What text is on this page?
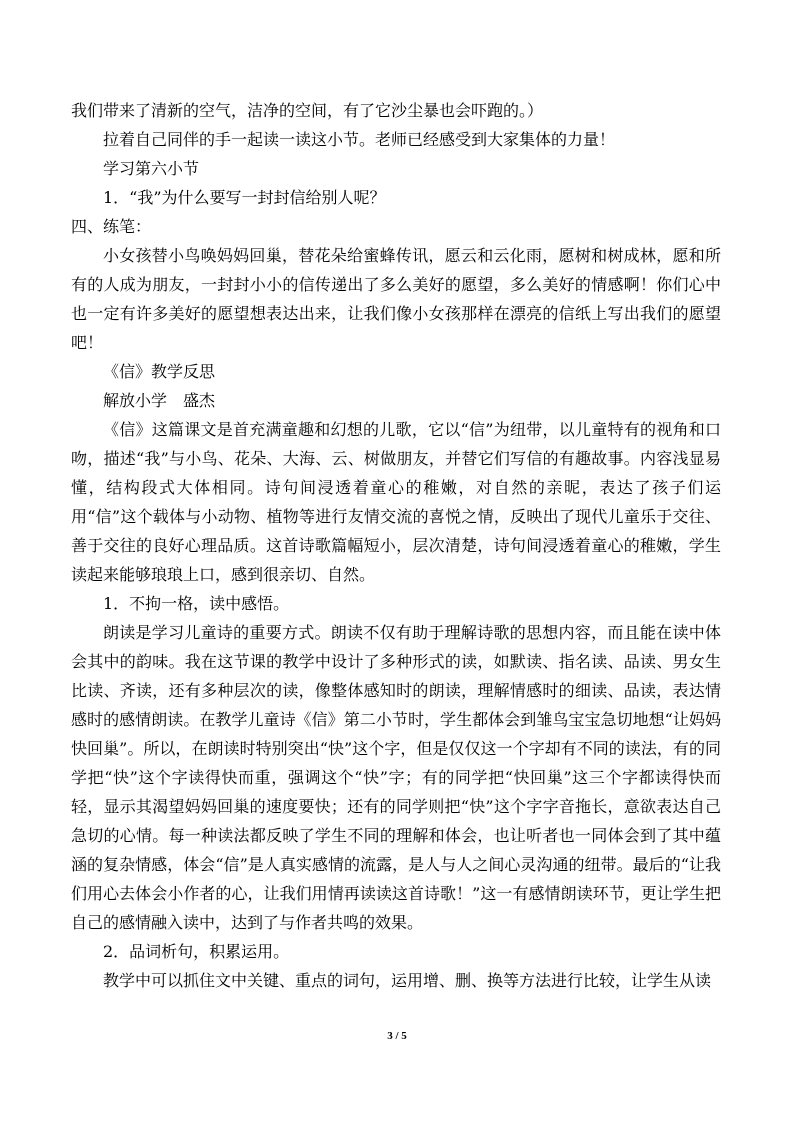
我们带来了清新的空气，洁净的空间，有了它沙尘暴也会吓跑的。）

拉着自己同伴的手一起读一读这小节。老师已经感受到大家集体的力量！

学习第六小节

1．“我”为什么要写一封封信给别人呢？

四、练笔：

小女孩替小鸟唤妈妈回巢，替花朵给蜜蜂传讯，愿云和云化雨，愿树和树成林，愿和所有的人成为朋友，一封封小小的信传递出了多么美好的愿望，多么美好的情感啊！你们心中也一定有许多美好的愿望想表达出来，让我们像小女孩那样在漂亮的信纸上写出我们的愿望吧！

《信》教学反思

解放小学　盛杰

《信》这篇课文是首充满童趣和幻想的儿歌，它以“信”为纽带，以儿童特有的视角和口吻，描述“我”与小鸟、花朵、大海、云、树做朋友，并替它们写信的有趣故事。内容浅显易懂，结构段式大体相同。诗句间浸透着童心的稚嫩，对自然的亲昵，表达了孩子们运用“信”这个载体与小动物、植物等进行友情交流的喜悦之情，反映出了现代儿童乐于交往、善于交往的良好心理品质。这首诗歌篇幅短小，层次清楚，诗句间浸透着童心的稚嫩，学生读起来能够琅琅上口，感到很亲切、自然。

1．不拘一格，读中感悟。

朗读是学习儿童诗的重要方式。朗读不仅有助于理解诗歌的思想内容，而且能在读中体会其中的韵味。我在这节课的教学中设计了多种形式的读，如默读、指名读、品读、男女生比读、齐读，还有多种层次的读，像整体感知时的朗读，理解情感时的细读、品读，表达情感时的感情朗读。在教学儿童诗《信》第二小节时，学生都体会到雏鸟宝宝急切地想“让妈妈快回巢”。所以，在朗读时特别突出“快”这个字，但是仅仅这一个字却有不同的读法，有的同学把“快”这个字读得快而重，强调这个“快”字；有的同学把“快回巢”这三个字都读得快而轻，显示其渴望妈妈回巢的速度要快；还有的同学则把“快”这个字字音拖长，意欲表达自己急切的心情。每一种读法都反映了学生不同的理解和体会，也让听者也一同体会到了其中蕴涵的复杂情感，体会“信”是人真实感情的流露，是人与人之间心灵沟通的纽带。最后的“让我们用心去体会小作者的心，让我们用情再读读这首诗歌！”这一有感情朗读环节，更让学生把自己的感情融入读中，达到了与作者共鸣的效果。

2．品词析句，积累运用。

教学中可以抓住文中关键、重点的词句，运用增、删、换等方法进行比较，让学生从读

3 / 5
